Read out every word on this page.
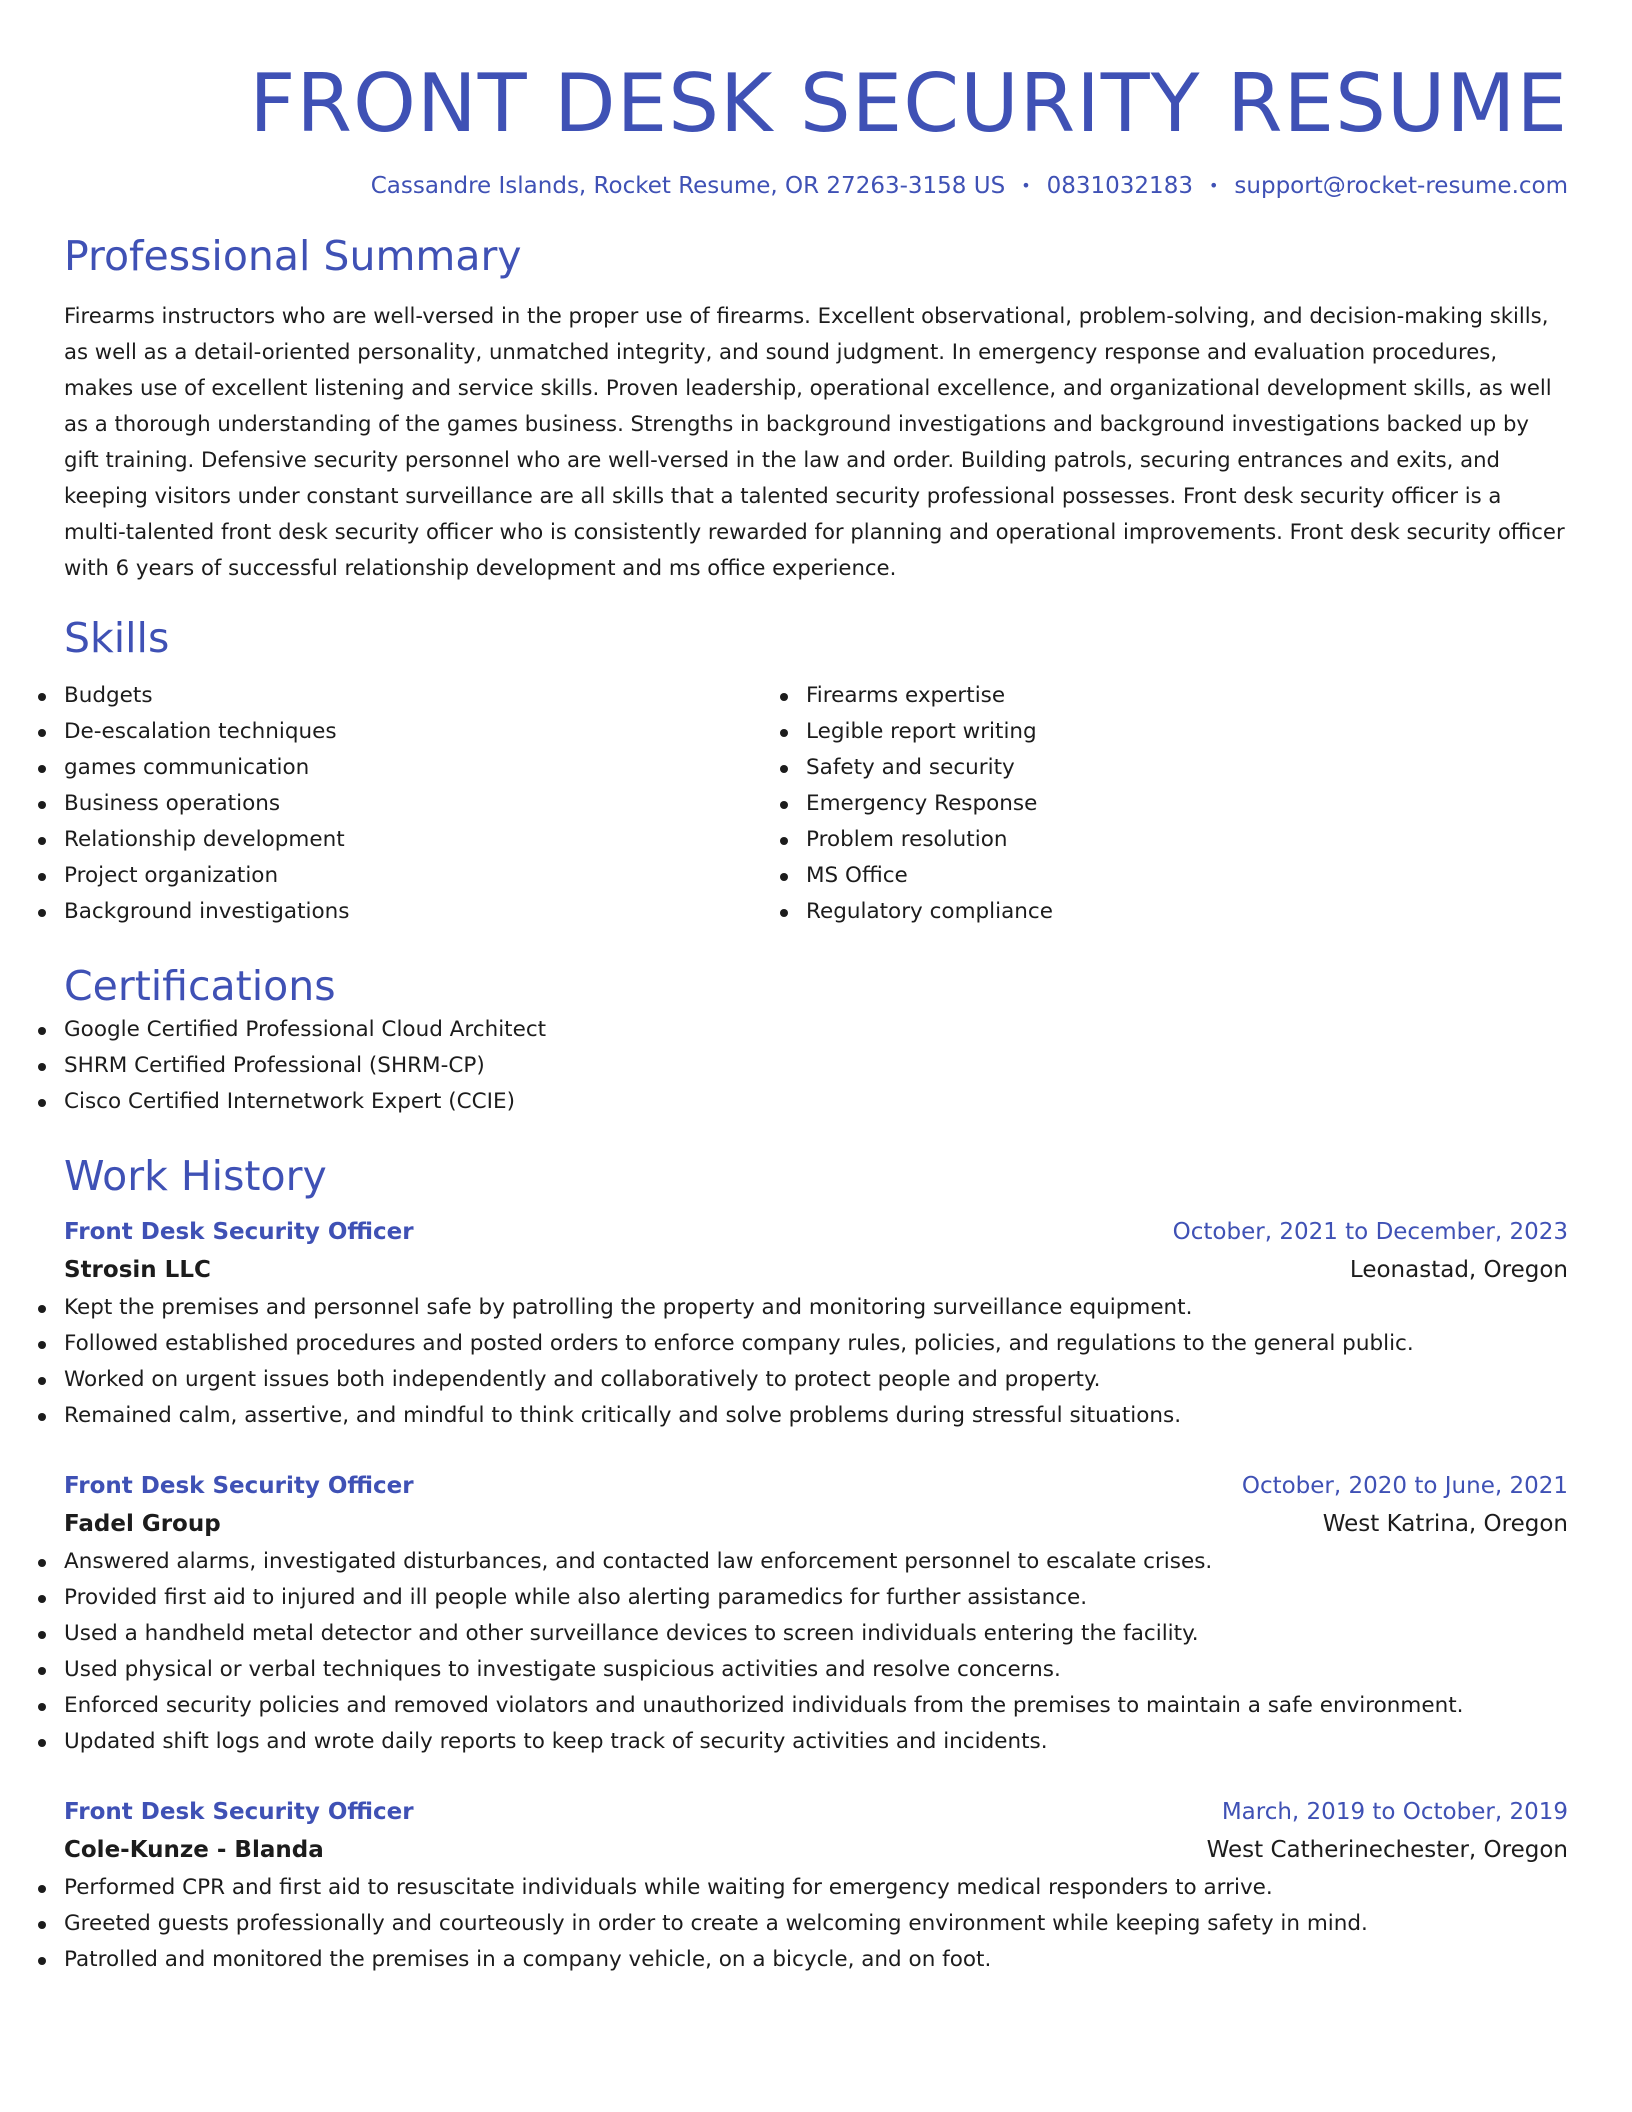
FRONT DESK SECURITY RESUME
Cassandre Islands, Rocket Resume, OR 27263-3158 US • 0831032183 • support@rocket-resume.com
Professional Summary
Firearms instructors who are well-versed in the proper use of firearms. Excellent observational, problem-solving, and decision-making skills, as well as a detail-oriented personality, unmatched integrity, and sound judgment. In emergency response and evaluation procedures, makes use of excellent listening and service skills. Proven leadership, operational excellence, and organizational development skills, as well as a thorough understanding of the games business. Strengths in background investigations and background investigations backed up by gift training. Defensive security personnel who are well-versed in the law and order. Building patrols, securing entrances and exits, and keeping visitors under constant surveillance are all skills that a talented security professional possesses. Front desk security officer is a multi-talented front desk security officer who is consistently rewarded for planning and operational improvements. Front desk security officer with 6 years of successful relationship development and ms office experience.
Skills
Budgets
De-escalation techniques
games communication
Business operations
Relationship development
Project organization
Background investigations
Firearms expertise
Legible report writing
Safety and security
Emergency Response
Problem resolution
MS Office
Regulatory compliance
Certifications
Google Certified Professional Cloud Architect
SHRM Certified Professional (SHRM-CP)
Cisco Certified Internetwork Expert (CCIE)
Work History
Front Desk Security Officer	October, 2021 to December, 2023
Strosin LLC	Leonastad, Oregon
Kept the premises and personnel safe by patrolling the property and monitoring surveillance equipment.
Followed established procedures and posted orders to enforce company rules, policies, and regulations to the general public.
Worked on urgent issues both independently and collaboratively to protect people and property.
Remained calm, assertive, and mindful to think critically and solve problems during stressful situations.
Front Desk Security Officer	October, 2020 to June, 2021
Fadel Group	West Katrina, Oregon
Answered alarms, investigated disturbances, and contacted law enforcement personnel to escalate crises.
Provided first aid to injured and ill people while also alerting paramedics for further assistance.
Used a handheld metal detector and other surveillance devices to screen individuals entering the facility.
Used physical or verbal techniques to investigate suspicious activities and resolve concerns.
Enforced security policies and removed violators and unauthorized individuals from the premises to maintain a safe environment.
Updated shift logs and wrote daily reports to keep track of security activities and incidents.
Front Desk Security Officer	March, 2019 to October, 2019
Cole-Kunze - Blanda	West Catherinechester, Oregon
Performed CPR and first aid to resuscitate individuals while waiting for emergency medical responders to arrive.
Greeted guests professionally and courteously in order to create a welcoming environment while keeping safety in mind.
Patrolled and monitored the premises in a company vehicle, on a bicycle, and on foot.
